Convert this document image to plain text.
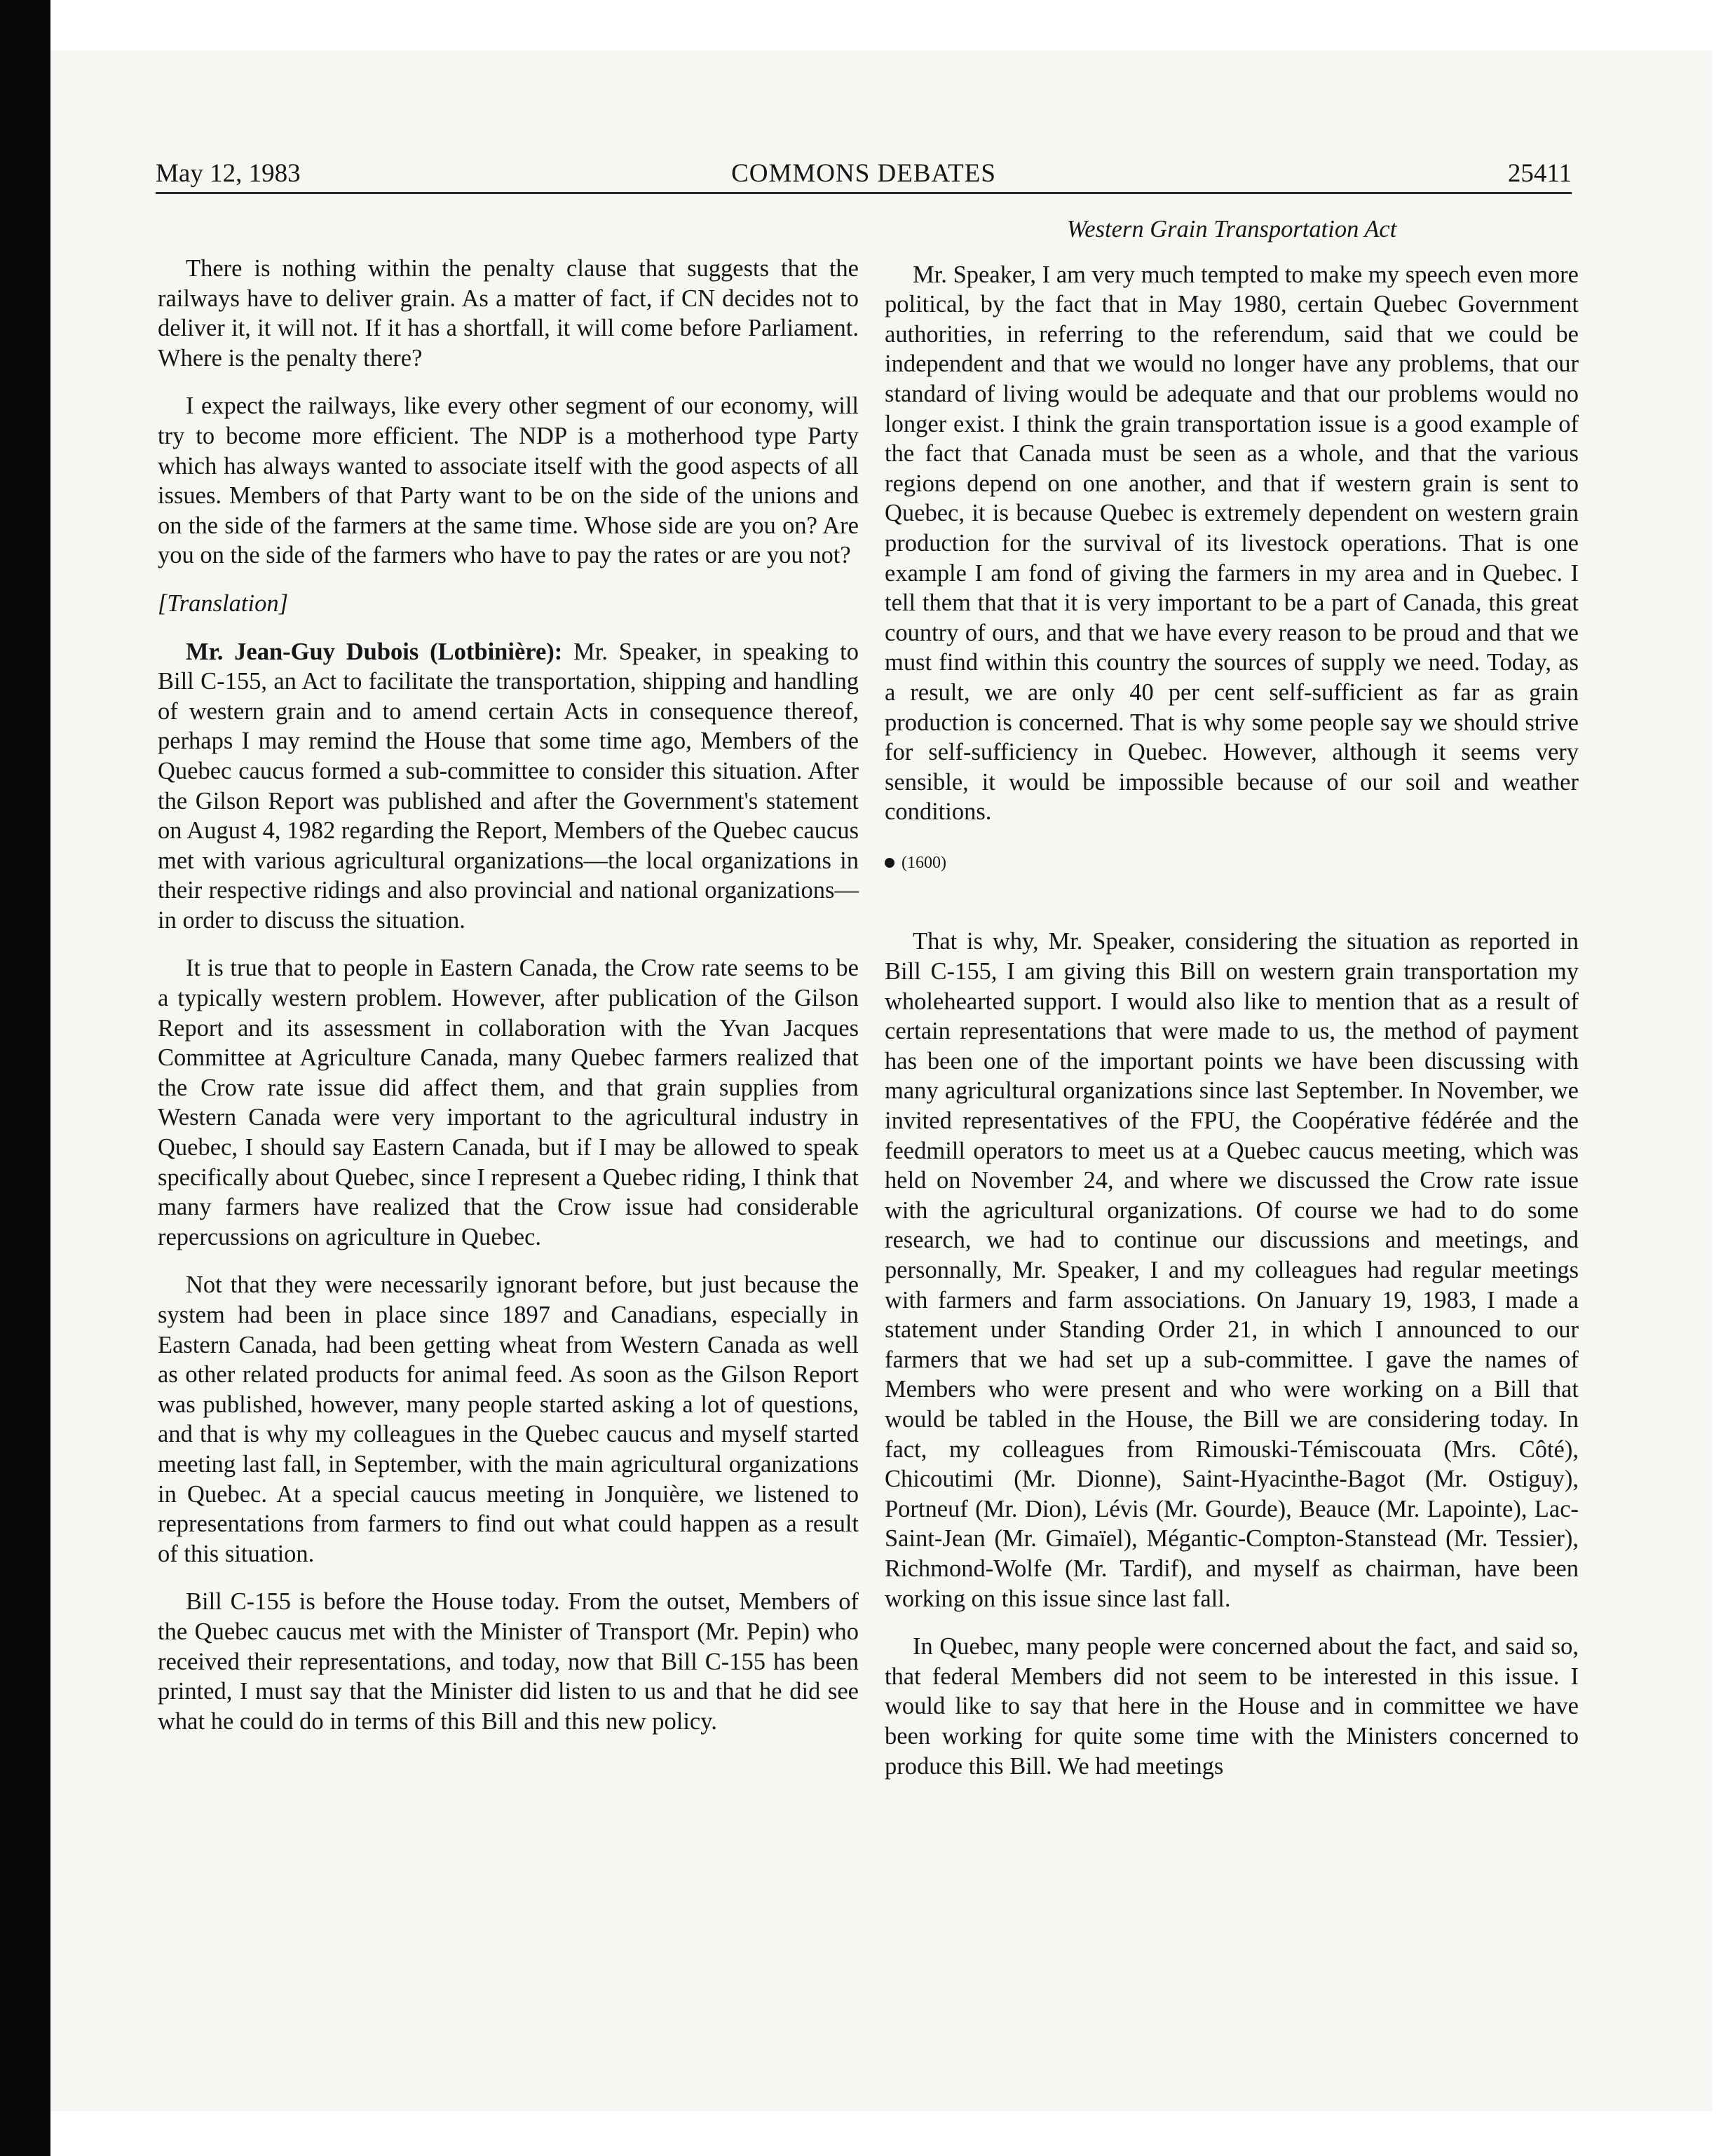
May 12, 1983	COMMONS DEBATES	25411

There is nothing within the penalty clause that suggests that the railways have to deliver grain. As a matter of fact, if CN decides not to deliver it, it will not. If it has a shortfall, it will come before Parliament. Where is the penalty there?

I expect the railways, like every other segment of our economy, will try to become more efficient. The NDP is a motherhood type Party which has always wanted to associate itself with the good aspects of all issues. Members of that Party want to be on the side of the unions and on the side of the farmers at the same time. Whose side are you on? Are you on the side of the farmers who have to pay the rates or are you not?

[Translation]

Mr. Jean-Guy Dubois (Lotbinière): Mr. Speaker, in speaking to Bill C-155, an Act to facilitate the transportation, shipping and handling of western grain and to amend certain Acts in consequence thereof, perhaps I may remind the House that some time ago, Members of the Quebec caucus formed a sub-committee to consider this situation. After the Gilson Report was published and after the Government's statement on August 4, 1982 regarding the Report, Members of the Quebec caucus met with various agricultural organizations—the local organizations in their respective ridings and also provincial and national organizations—in order to discuss the situation.

It is true that to people in Eastern Canada, the Crow rate seems to be a typically western problem. However, after publication of the Gilson Report and its assessment in collaboration with the Yvan Jacques Committee at Agriculture Canada, many Quebec farmers realized that the Crow rate issue did affect them, and that grain supplies from Western Canada were very important to the agricultural industry in Quebec, I should say Eastern Canada, but if I may be allowed to speak specifically about Quebec, since I represent a Quebec riding, I think that many farmers have realized that the Crow issue had considerable repercussions on agriculture in Quebec.

Not that they were necessarily ignorant before, but just because the system had been in place since 1897 and Canadians, especially in Eastern Canada, had been getting wheat from Western Canada as well as other related products for animal feed. As soon as the Gilson Report was published, however, many people started asking a lot of questions, and that is why my colleagues in the Quebec caucus and myself started meeting last fall, in September, with the main agricultural organizations in Quebec. At a special caucus meeting in Jonquière, we listened to representations from farmers to find out what could happen as a result of this situation.

Bill C-155 is before the House today. From the outset, Members of the Quebec caucus met with the Minister of Transport (Mr. Pepin) who received their representations, and today, now that Bill C-155 has been printed, I must say that the Minister did listen to us and that he did see what he could do in terms of this Bill and this new policy.

Western Grain Transportation Act

Mr. Speaker, I am very much tempted to make my speech even more political, by the fact that in May 1980, certain Quebec Government authorities, in referring to the referendum, said that we could be independent and that we would no longer have any problems, that our standard of living would be adequate and that our problems would no longer exist. I think the grain transportation issue is a good example of the fact that Canada must be seen as a whole, and that the various regions depend on one another, and that if western grain is sent to Quebec, it is because Quebec is extremely dependent on western grain production for the survival of its livestock operations. That is one example I am fond of giving the farmers in my area and in Quebec. I tell them that that it is very important to be a part of Canada, this great country of ours, and that we have every reason to be proud and that we must find within this country the sources of supply we need. Today, as a result, we are only 40 per cent self-sufficient as far as grain production is concerned. That is why some people say we should strive for self-sufficiency in Quebec. However, although it seems very sensible, it would be impossible because of our soil and weather conditions.

(1600)

That is why, Mr. Speaker, considering the situation as reported in Bill C-155, I am giving this Bill on western grain transportation my wholehearted support. I would also like to mention that as a result of certain representations that were made to us, the method of payment has been one of the important points we have been discussing with many agricultural organizations since last September. In November, we invited representatives of the FPU, the Coopérative fédérée and the feedmill operators to meet us at a Quebec caucus meeting, which was held on November 24, and where we discussed the Crow rate issue with the agricultural organizations. Of course we had to do some research, we had to continue our discussions and meetings, and personnally, Mr. Speaker, I and my colleagues had regular meetings with farmers and farm associations. On January 19, 1983, I made a statement under Standing Order 21, in which I announced to our farmers that we had set up a sub-committee. I gave the names of Members who were present and who were working on a Bill that would be tabled in the House, the Bill we are considering today. In fact, my colleagues from Rimouski-Témiscouata (Mrs. Côté), Chicoutimi (Mr. Dionne), Saint-Hyacinthe-Bagot (Mr. Ostiguy), Portneuf (Mr. Dion), Lévis (Mr. Gourde), Beauce (Mr. Lapointe), Lac-Saint-Jean (Mr. Gimaïel), Mégantic-Compton-Stanstead (Mr. Tessier), Richmond-Wolfe (Mr. Tardif), and myself as chairman, have been working on this issue since last fall.

In Quebec, many people were concerned about the fact, and said so, that federal Members did not seem to be interested in this issue. I would like to say that here in the House and in committee we have been working for quite some time with the Ministers concerned to produce this Bill. We had meetings
